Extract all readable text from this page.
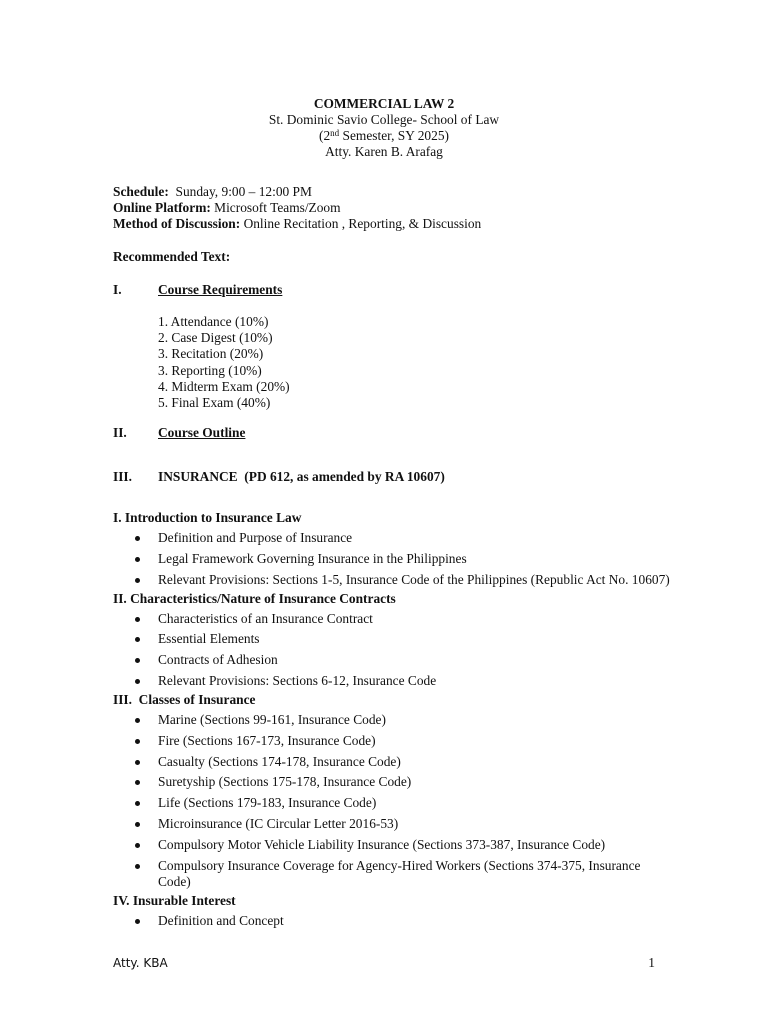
COMMERCIAL LAW 2
St. Dominic Savio College- School of Law
(2nd Semester, SY 2025)
Atty. Karen B. Arafag
Schedule:  Sunday, 9:00 – 12:00 PM
Online Platform: Microsoft Teams/Zoom
Method of Discussion: Online Recitation , Reporting, & Discussion
Recommended Text:
I.	Course Requirements
1. Attendance (10%)
2. Case Digest (10%)
3. Recitation (20%)
3. Reporting (10%)
4. Midterm Exam (20%)
5. Final Exam (40%)
II. Course Outline
III. INSURANCE  (PD 612, as amended by RA 10607)
I. Introduction to Insurance Law
Definition and Purpose of Insurance
Legal Framework Governing Insurance in the Philippines
Relevant Provisions: Sections 1-5, Insurance Code of the Philippines (Republic Act No. 10607)
II. Characteristics/Nature of Insurance Contracts
Characteristics of an Insurance Contract
Essential Elements
Contracts of Adhesion
Relevant Provisions: Sections 6-12, Insurance Code
III.  Classes of Insurance
Marine (Sections 99-161, Insurance Code)
Fire (Sections 167-173, Insurance Code)
Casualty (Sections 174-178, Insurance Code)
Suretyship (Sections 175-178, Insurance Code)
Life (Sections 179-183, Insurance Code)
Microinsurance (IC Circular Letter 2016-53)
Compulsory Motor Vehicle Liability Insurance (Sections 373-387, Insurance Code)
Compulsory Insurance Coverage for Agency-Hired Workers (Sections 374-375, Insurance Code)
IV. Insurable Interest
Definition and Concept
Atty. KBA	1
